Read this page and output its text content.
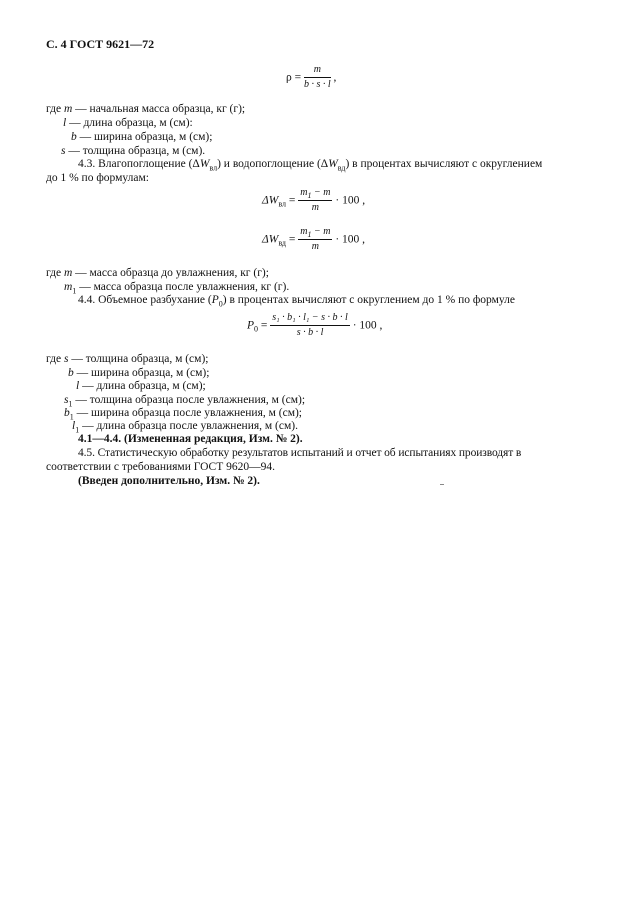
С. 4 ГОСТ 9621—72
$\rho = \frac{m}{b \cdot s \cdot l}$ ,
где m — начальная масса образца, кг (г);
l — длина образца, м (см):
b — ширина образца, м (см);
s — толщина образца, м (см).
4.3. Влагопоглощение $(\Delta W_{вл})$ и водопоглощение $(\Delta W_{вд})$ в процентах вычисляют с округлением
до 1 % по формулам:
$\Delta W_{вл} = \frac{m_1 - m}{m} \cdot 100$ ,
$\Delta W_{вд} = \frac{m_1 - m}{m} \cdot 100$ ,
где m — масса образца до увлажнения, кг (г);
$m_1$ — масса образца после увлажнения, кг (г).
4.4. Объемное разбухание $(P_0)$ в процентах вычисляют с округлением до 1 % по формуле
$P_0 = \frac{\text{s₁ · b₁ · l₁ − s · b · l}}{s \cdot b \cdot l} \cdot 100$ ,
где s — толщина образца, м (см);
b — ширина образца, м (см);
l — длина образца, м (см);
$s_1$ — толщина образца после увлажнения, м (см);
$b_1$ — ширина образца после увлажнения, м (см);
$l_1$ — длина образца после увлажнения, м (см).
4.1—4.4. (Измененная редакция, Изм. № 2).
4.5. Статистическую обработку результатов испытаний и отчет об испытаниях производят в
соответствии с требованиями ГОСТ 9620—94.
(Введен дополнительно, Изм. № 2).
